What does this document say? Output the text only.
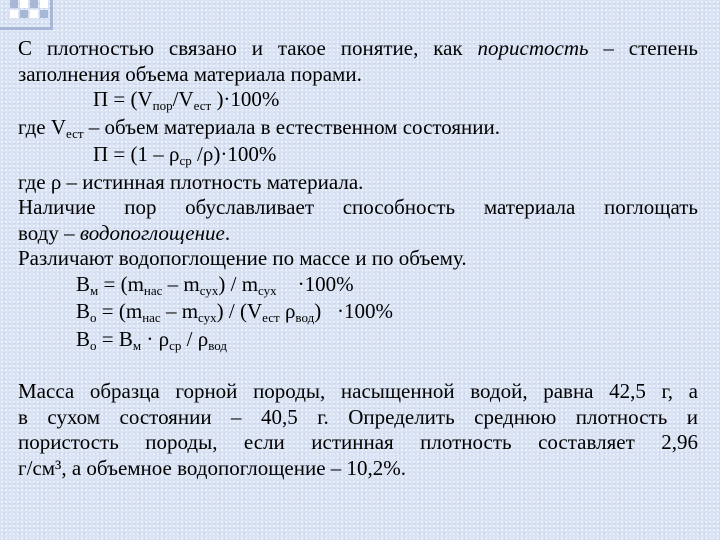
С плотностью связано и такое понятие, как пористость – степень
заполнения объема материала порами.
П = (Vпор/Vест )·100%
где Vест – объем материала в естественном состоянии.
П = (1 – ρср /ρ)·100%
где ρ – истинная плотность материала.
Наличие пор обуславливает способность материала поглощать
воду – водопоглощение.
Различают водопоглощение по массе и по объему.
Вм = (mнас – mсух) / mсух    ·100%
Во = (mнас – mсух) / (Vест ρвод)   ·100%
Во = Вм · ρср / ρвод
Масса образца горной породы, насыщенной водой, равна 42,5 г, а
в сухом состоянии – 40,5 г. Определить среднюю плотность и
пористость породы, если истинная плотность составляет 2,96
г/см³, а объемное водопоглощение – 10,2%.
